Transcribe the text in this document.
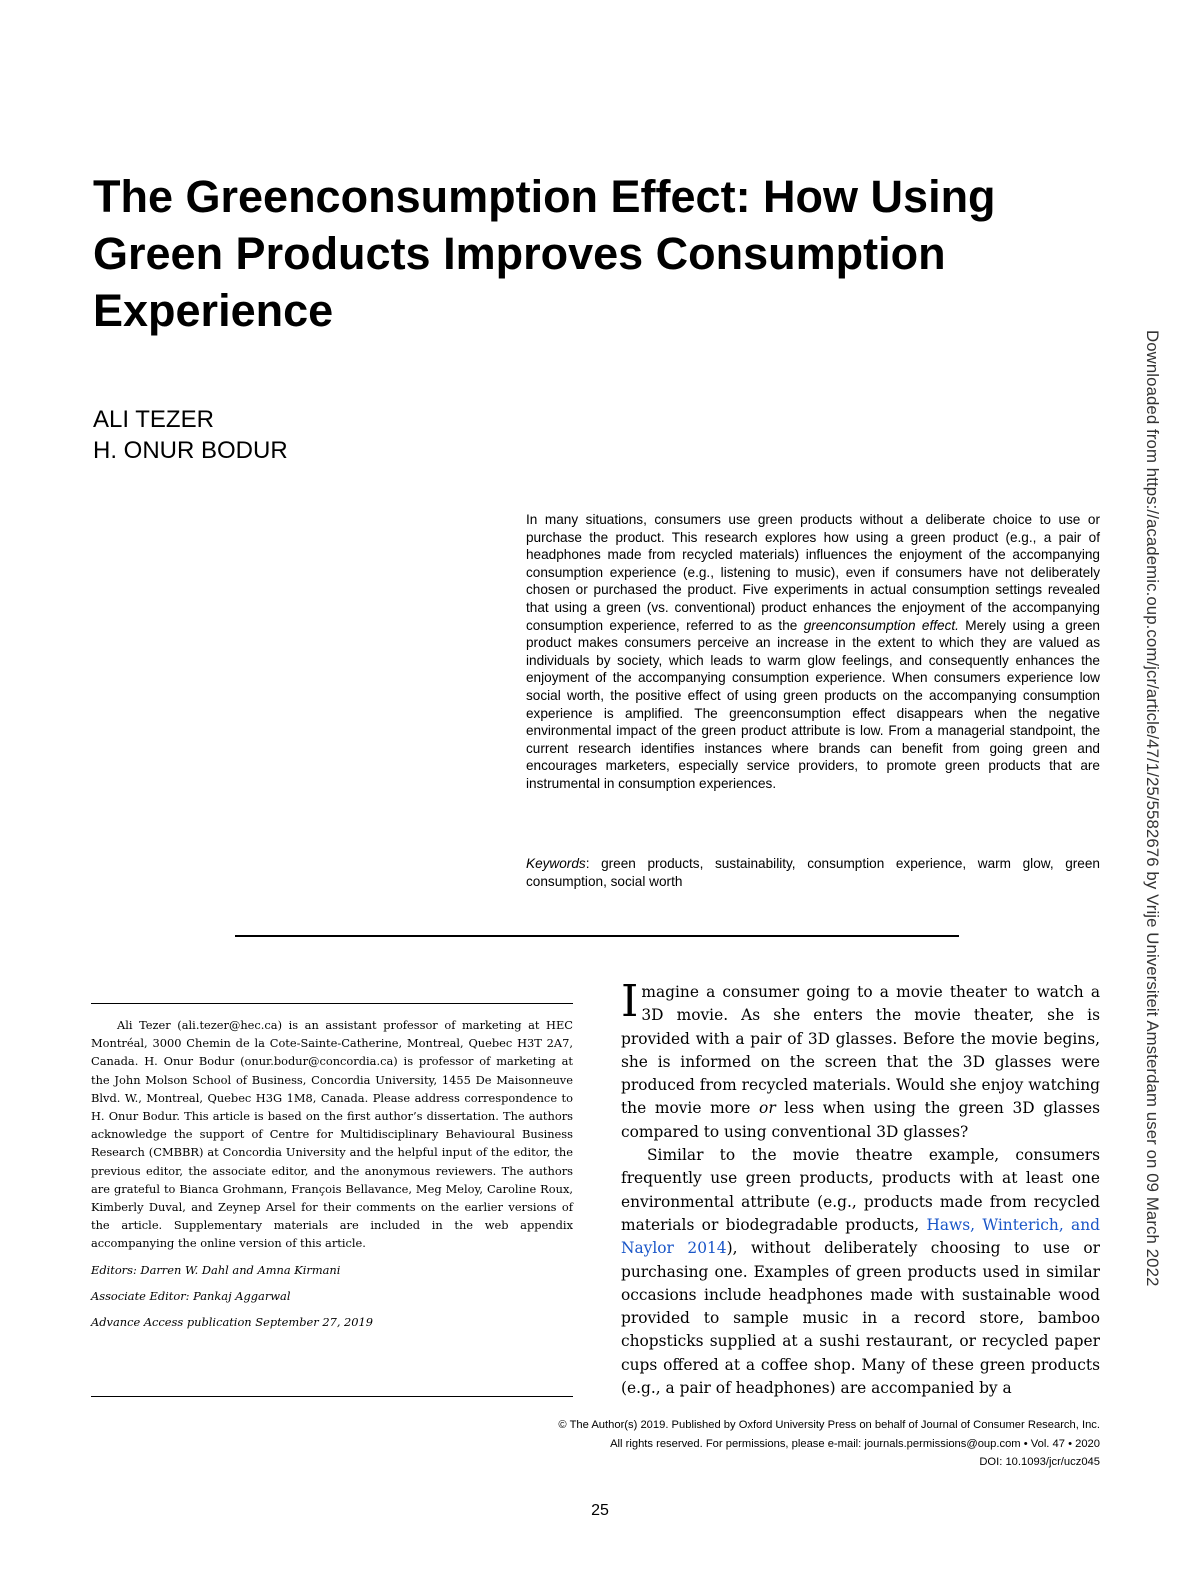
The Greenconsumption Effect: How Using Green Products Improves Consumption Experience
ALI TEZER
H. ONUR BODUR

In many situations, consumers use green products without a deliberate choice to use or purchase the product. This research explores how using a green product (e.g., a pair of headphones made from recycled materials) influences the enjoyment of the accompanying consumption experience (e.g., listening to music), even if consumers have not deliberately chosen or purchased the product. Five experiments in actual consumption settings revealed that using a green (vs. conventional) product enhances the enjoyment of the accompanying consumption experience, referred to as the greenconsumption effect. Merely using a green product makes consumers perceive an increase in the extent to which they are valued as individuals by society, which leads to warm glow feelings, and consequently enhances the enjoyment of the accompanying consumption experience. When consumers experience low social worth, the positive effect of using green products on the accompanying consumption experience is amplified. The greenconsumption effect disappears when the negative environmental impact of the green product attribute is low. From a managerial standpoint, the current research identifies instances where brands can benefit from going green and encourages marketers, especially service providers, to promote green products that are instrumental in consumption experiences.

Keywords: green products, sustainability, consumption experience, warm glow, green consumption, social worth

Ali Tezer (ali.tezer@hec.ca) is an assistant professor of marketing at HEC Montréal, 3000 Chemin de la Cote-Sainte-Catherine, Montreal, Quebec H3T 2A7, Canada. H. Onur Bodur (onur.bodur@concordia.ca) is professor of marketing at the John Molson School of Business, Concordia University, 1455 De Maisonneuve Blvd. W., Montreal, Quebec H3G 1M8, Canada. Please address correspondence to H. Onur Bodur. This article is based on the first author’s dissertation. The authors acknowledge the support of Centre for Multidisciplinary Behavioural Business Research (CMBBR) at Concordia University and the helpful input of the editor, the previous editor, the associate editor, and the anonymous reviewers. The authors are grateful to Bianca Grohmann, François Bellavance, Meg Meloy, Caroline Roux, Kimberly Duval, and Zeynep Arsel for their comments on the earlier versions of the article. Supplementary materials are included in the web appendix accompanying the online version of this article.

Editors: Darren W. Dahl and Amna Kirmani

Associate Editor: Pankaj Aggarwal

Advance Access publication September 27, 2019

Imagine a consumer going to a movie theater to watch a 3D movie. As she enters the movie theater, she is provided with a pair of 3D glasses. Before the movie begins, she is informed on the screen that the 3D glasses were produced from recycled materials. Would she enjoy watching the movie more or less when using the green 3D glasses compared to using conventional 3D glasses?

Similar to the movie theatre example, consumers frequently use green products, products with at least one environmental attribute (e.g., products made from recycled materials or biodegradable products, Haws, Winterich, and Naylor 2014), without deliberately choosing to use or purchasing one. Examples of green products used in similar occasions include headphones made with sustainable wood provided to sample music in a record store, bamboo chopsticks supplied at a sushi restaurant, or recycled paper cups offered at a coffee shop. Many of these green products (e.g., a pair of headphones) are accompanied by a

© The Author(s) 2019. Published by Oxford University Press on behalf of Journal of Consumer Research, Inc.
All rights reserved. For permissions, please e-mail: journals.permissions@oup.com • Vol. 47 • 2020
DOI: 10.1093/jcr/ucz045
25
Downloaded from https://academic.oup.com/jcr/article/47/1/25/5582676 by Vrije Universiteit Amsterdam user on 09 March 2022
